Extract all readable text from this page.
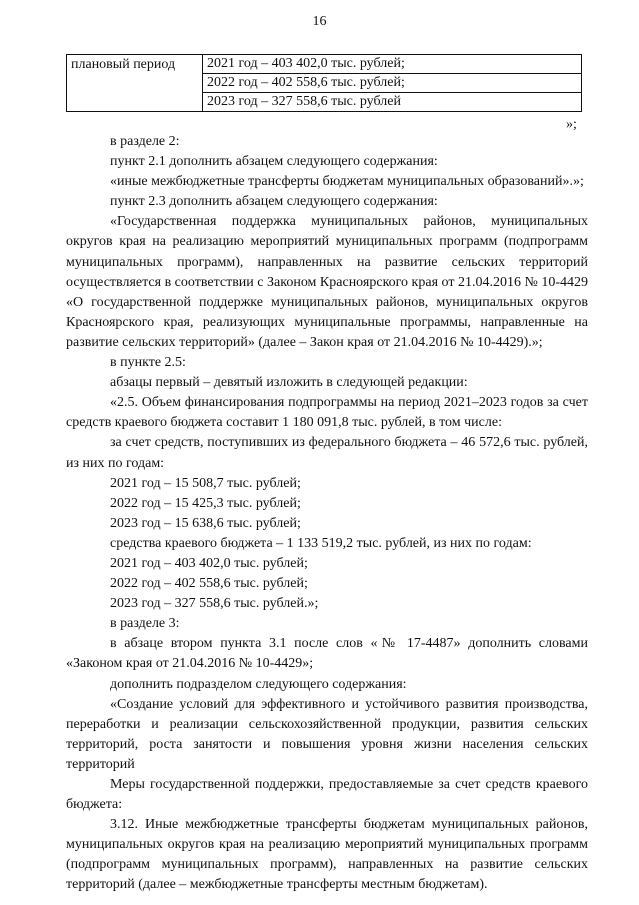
16
плановый период	2021 год – 403 402,0 тыс. рублей;
2022 год – 402 558,6 тыс. рублей;
2023 год – 327 558,6 тыс. рублей
»;

в разделе 2:

пункт 2.1 дополнить абзацем следующего содержания:

«иные межбюджетные трансферты бюджетам муниципальных образований».»;

пункт 2.3 дополнить абзацем следующего содержания:

«Государственная поддержка муниципальных районов, муниципальных округов края на реализацию мероприятий муниципальных программ (подпрограмм муниципальных программ), направленных на развитие сельских территорий осуществляется в соответствии с Законом Красноярского края от 21.04.2016 № 10-4429 «О государственной поддержке муниципальных районов, муниципальных округов Красноярского края, реализующих муниципальные программы, направленные на развитие сельских территорий» (далее – Закон края от 21.04.2016 № 10-4429).»;

в пункте 2.5:

абзацы первый – девятый изложить в следующей редакции:

«2.5. Объем финансирования подпрограммы на период 2021–2023 годов за счет средств краевого бюджета составит 1 180 091,8 тыс. рублей, в том числе:

за счет средств, поступивших из федерального бюджета – 46 572,6 тыс. рублей, из них по годам:

2021 год – 15 508,7 тыс. рублей;

2022 год – 15 425,3 тыс. рублей;

2023 год – 15 638,6 тыс. рублей;

средства краевого бюджета – 1 133 519,2 тыс. рублей, из них по годам:

2021 год – 403 402,0 тыс. рублей;

2022 год – 402 558,6 тыс. рублей;

2023 год – 327 558,6 тыс. рублей.»;

в разделе 3:

в абзаце втором пункта 3.1 после слов «№ 17-4487» дополнить словами «Законом края от 21.04.2016 № 10-4429»;

дополнить подразделом следующего содержания:

«Создание условий для эффективного и устойчивого развития производства, переработки и реализации сельскохозяйственной продукции, развития сельских территорий, роста занятости и повышения уровня жизни населения сельских территорий

Меры государственной поддержки, предоставляемые за счет средств краевого бюджета:

3.12. Иные межбюджетные трансферты бюджетам муниципальных районов, муниципальных округов края на реализацию мероприятий муниципальных программ (подпрограмм муниципальных программ), направленных на развитие сельских территорий (далее – межбюджетные трансферты местным бюджетам).
